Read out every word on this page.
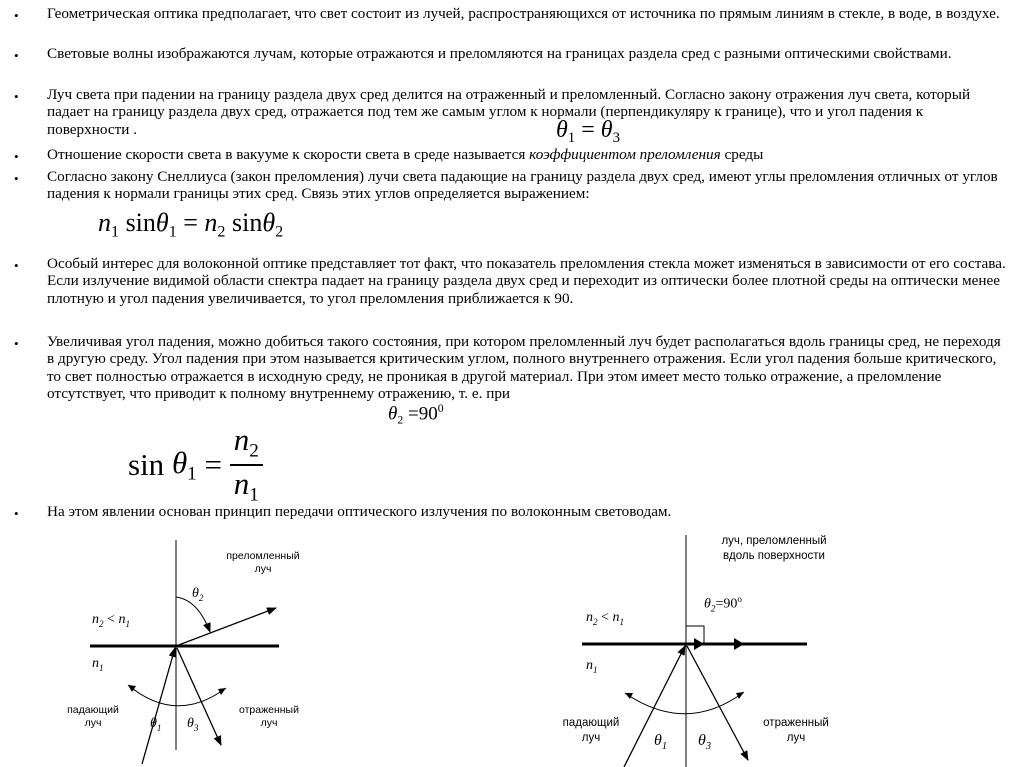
• Геометрическая оптика предполагает, что свет состоит из лучей, распространяющихся от источника по прямым линиям в стекле, в воде, в воздухе.

• Световые волны изображаются лучам, которые отражаются и преломляются на границах раздела сред с разными оптическими свойствами.

• Луч света при падении на границу раздела двух сред делится на отраженный и преломленный. Согласно закону отражения луч света, который падает на границу раздела двух сред, отражается под тем же самым углом к нормали (перпендикуляру к границе), что и угол падения к поверхности .	$\theta_1 = \theta_3$
• Отношение скорости света в вакууме к скорости света в среде называется коэффициентом преломления среды

• Согласно закону Снеллиуса (закон преломления) лучи света падающие на границу раздела двух сред, имеют углы преломления отличных от углов падения к нормали границы этих сред. Связь этих углов определяется выражением:

$n_1$ $\sin\theta_1 = n_2$ sinθ$_2$
• Особый интерес для волоконной оптике представляет тот факт, что показатель преломления стекла может изменяться в зависимости от его состава. Если излучение видимой области спектра падает на границу раздела двух сред и переходит из оптически более плотной среды на оптически менее плотную и угол падения увеличивается, то угол преломления приближается к 90.

• Увеличивая угол падения, можно добиться такого состояния, при котором преломленный луч будет располагаться вдоль границы сред, не переходя в другую среду. Угол падения при этом называется критическим углом, полного внутреннего отражения. Если угол падения больше критического, то свет полностью отражается в исходную среду, не проникая в другой материал. При этом имеет место только отражение, а преломление отсутствует, что приводит к полному внутреннему отражению, т. е. при

$\theta_2 =90^0$
$\sin \theta_1 = \frac{n_2}{n_1}$
• На этом явлении основан принцип передачи оптического излучения по волоконным световодам.

преломленный
луч
падающий
луч
отраженный
луч
$n_2 < n_1$
$n_1$
$\theta_2$
$\theta_1$ $\theta_3$
луч, преломленный
вдоль поверхности
падающий
луч
отраженный
луч
$n_2 < n_1$
$n_1$
$\theta_2=90^o$
$\theta_1$ $\theta_3$
